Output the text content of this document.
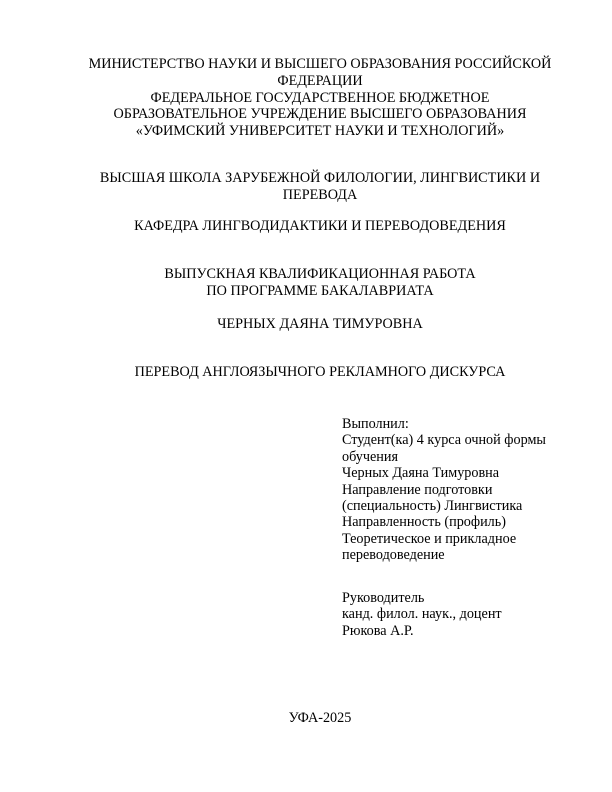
МИНИСТЕРСТВО НАУКИ И ВЫСШЕГО ОБРАЗОВАНИЯ РОССИЙСКОЙ
ФЕДЕРАЦИИ
ФЕДЕРАЛЬНОЕ ГОСУДАРСТВЕННОЕ БЮДЖЕТНОЕ
ОБРАЗОВАТЕЛЬНОЕ УЧРЕЖДЕНИЕ ВЫСШЕГО ОБРАЗОВАНИЯ
«УФИМСКИЙ УНИВЕРСИТЕТ НАУКИ И ТЕХНОЛОГИЙ»
ВЫСШАЯ ШКОЛА ЗАРУБЕЖНОЙ ФИЛОЛОГИИ, ЛИНГВИСТИКИ И
ПЕРЕВОДА
КАФЕДРА ЛИНГВОДИДАКТИКИ И ПЕРЕВОДОВЕДЕНИЯ
ВЫПУСКНАЯ КВАЛИФИКАЦИОННАЯ РАБОТА
ПО ПРОГРАММЕ БАКАЛАВРИАТА
ЧЕРНЫХ ДАЯНА ТИМУРОВНА
ПЕРЕВОД АНГЛОЯЗЫЧНОГО РЕКЛАМНОГО ДИСКУРСА
Выполнил:
Студент(ка) 4 курса очной формы
обучения
Черных Даяна Тимуровна
Направление подготовки
(специальность) Лингвистика
Направленность (профиль)
Теоретическое и прикладное
переводоведение
Руководитель
канд. филол. наук., доцент
Рюкова А.Р.
УФА-2025
